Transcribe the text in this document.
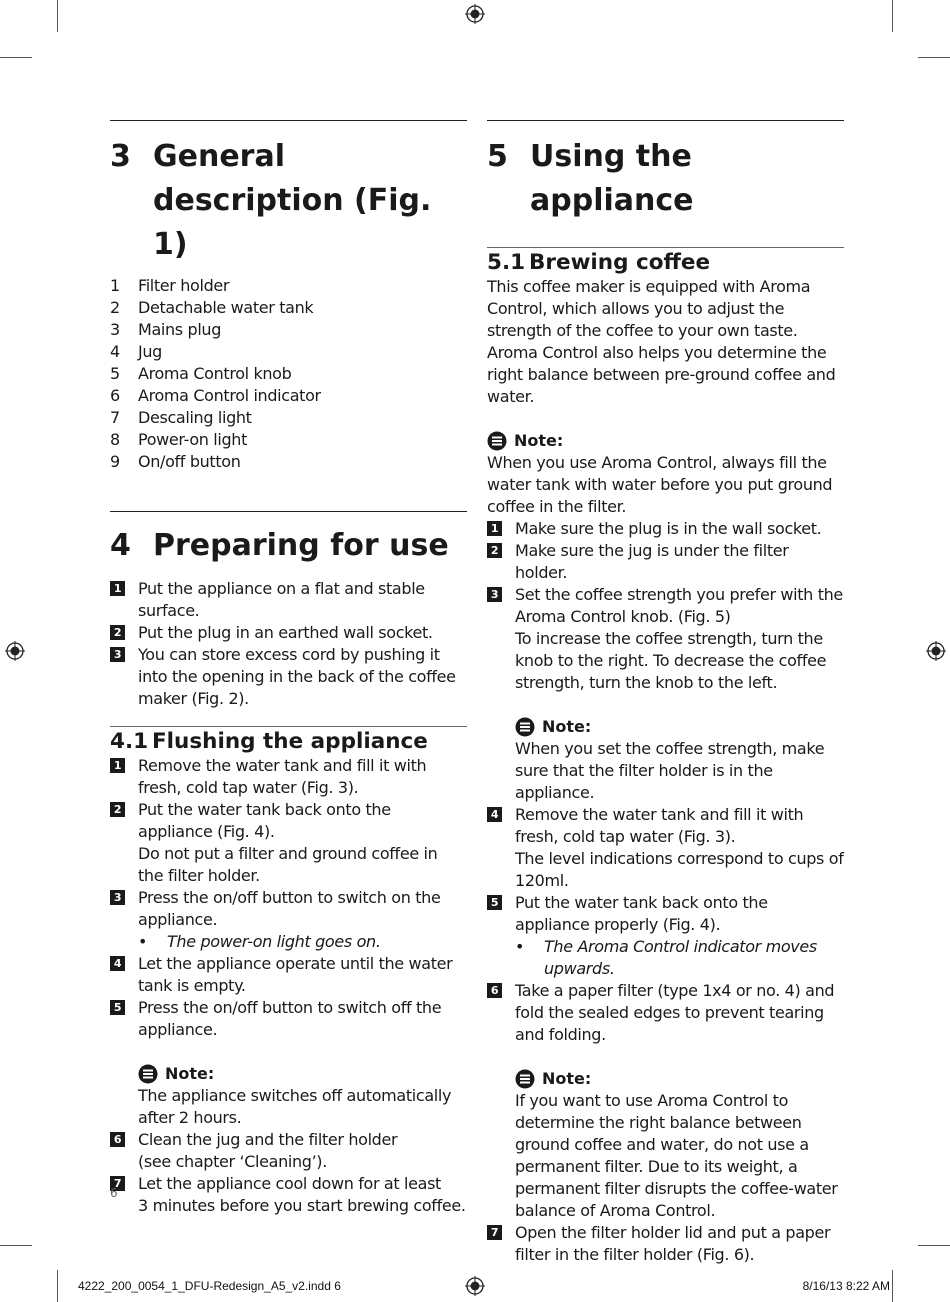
3 General
description (Fig. 1)
1	Filter holder
2	Detachable water tank
3	Mains plug
4	Jug
5	Aroma Control knob
6	Aroma Control indicator
7	Descaling light
8	Power-on light
9	On/off button
4 Preparing for use
1 Put the appliance on a flat and stable surface.
2 Put the plug in an earthed wall socket.
3 You can store excess cord by pushing it into the opening in the back of the coffee maker (Fig. 2).
4.1 Flushing the appliance
1 Remove the water tank and fill it with fresh, cold tap water (Fig. 3).
2 Put the water tank back onto the appliance (Fig. 4).
Do not put a filter and ground coffee in the filter holder.
3 Press the on/off button to switch on the appliance.
•	The power-on light goes on.
4 Let the appliance operate until the water tank is empty.
5 Press the on/off button to switch off the appliance.
Note:
The appliance switches off automatically after 2 hours.
6 Clean the jug and the filter holder
(see chapter ‘Cleaning’).
7 Let the appliance cool down for at least
3 minutes before you start brewing coffee.
5 Using the appliance
5.1 Brewing coffee
This coffee maker is equipped with Aroma Control, which allows you to adjust the strength of the coffee to your own taste. Aroma Control also helps you determine the right balance between pre-ground coffee and water.
Note:
When you use Aroma Control, always fill the water tank with water before you put ground coffee in the filter.
1 Make sure the plug is in the wall socket.
2 Make sure the jug is under the filter holder.
3 Set the coffee strength you prefer with the Aroma Control knob. (Fig. 5)
To increase the coffee strength, turn the knob to the right. To decrease the coffee strength, turn the knob to the left.
Note:
When you set the coffee strength, make sure that the filter holder is in the appliance.
4 Remove the water tank and fill it with fresh, cold tap water (Fig. 3).
The level indications correspond to cups of 120ml.
5 Put the water tank back onto the appliance properly (Fig. 4).
•	The Aroma Control indicator moves upwards.
6 Take a paper filter (type 1x4 or no. 4) and fold the sealed edges to prevent tearing and folding.
Note:
If you want to use Aroma Control to determine the right balance between ground coffee and water, do not use a permanent filter. Due to its weight, a permanent filter disrupts the coffee-water balance of Aroma Control.
7 Open the filter holder lid and put a paper filter in the filter holder (Fig. 6).
6
4222_200_0054_1_DFU-Redesign_A5_v2.indd 6	8/16/13 8:22 AM
